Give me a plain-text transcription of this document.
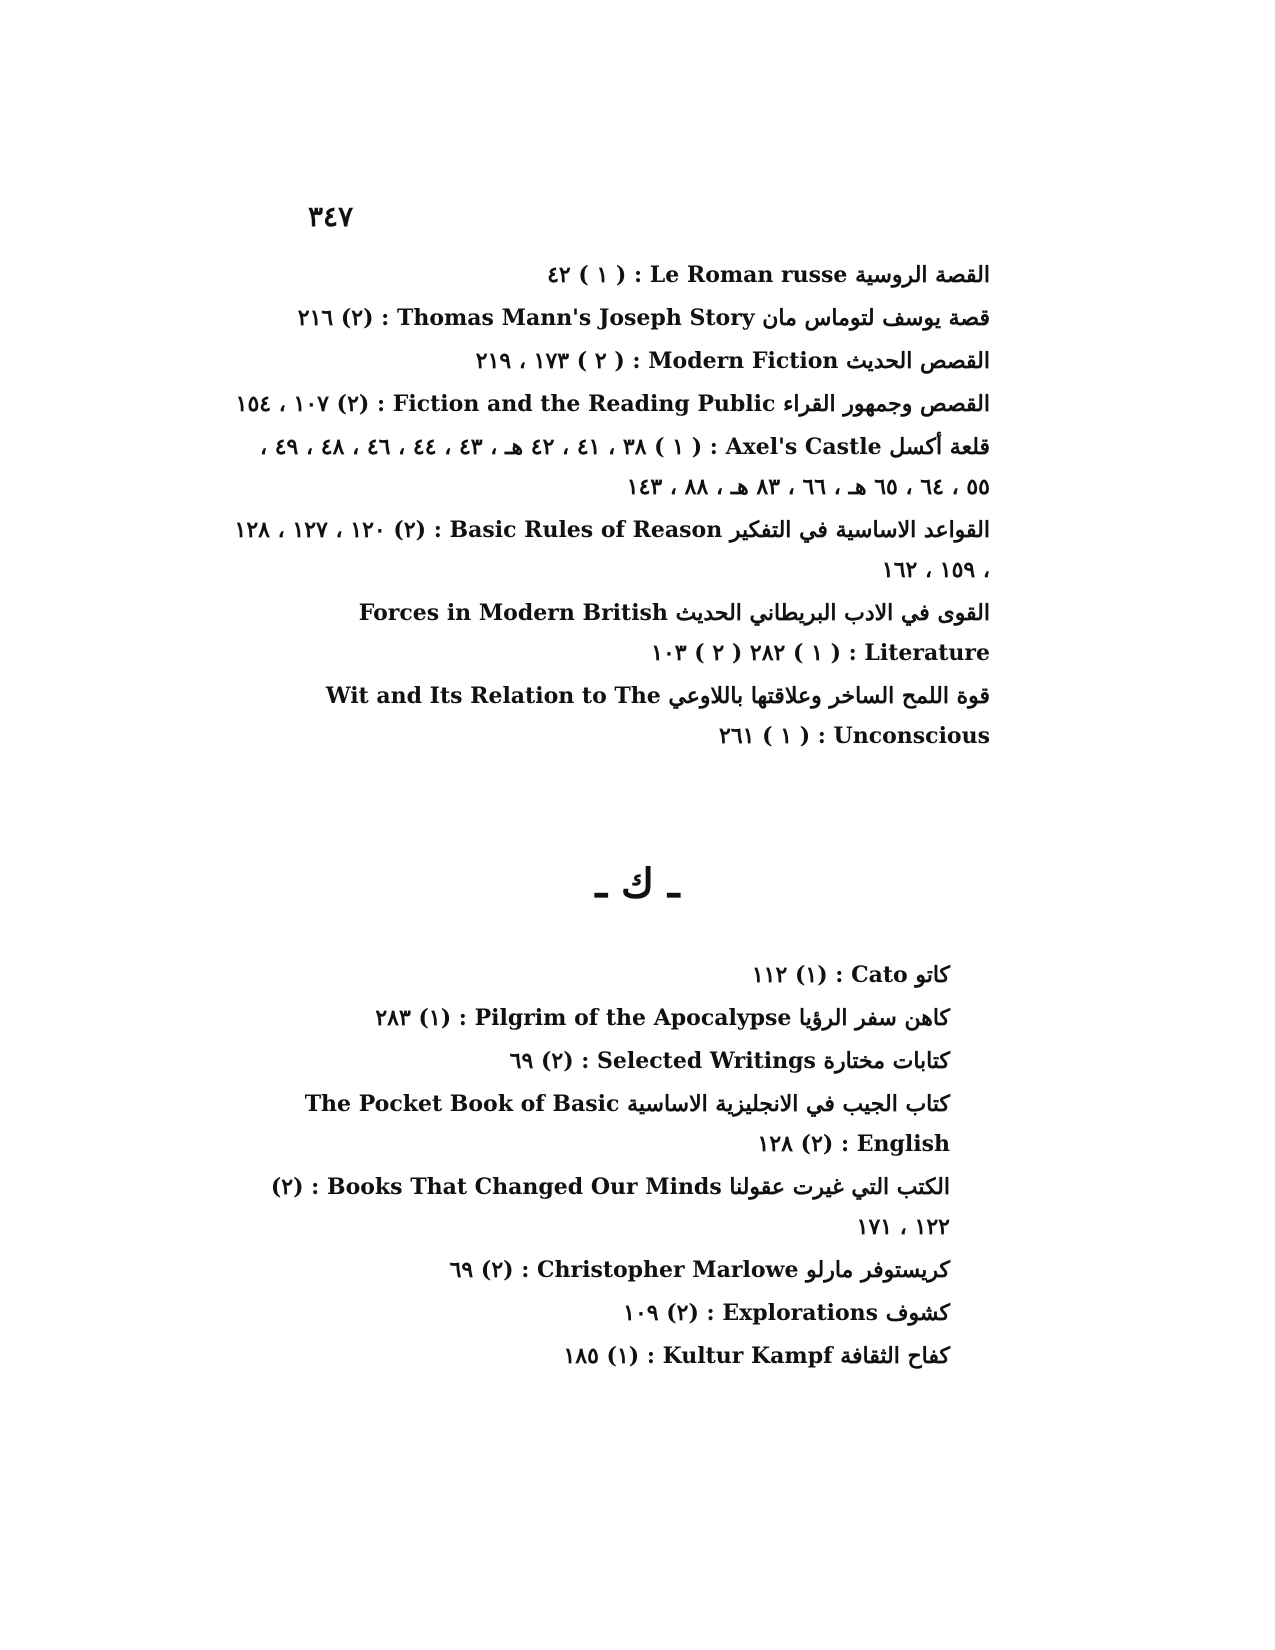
٣٤٧

القصة الروسية Le Roman russe : ( ١ ) ٤٢

قصة يوسف لتوماس مان Thomas Mann's Joseph Story : (٢) ٢١٦

القصص الحديث Modern Fiction : ( ٢ ) ١٧٣ ، ٢١٩

القصص وجمهور القراء Fiction and the Reading Public : (٢) ١٠٧ ، ١٥٤

قلعة أكسل Axel's Castle : ( ١ ) ٣٨ ، ٤١ ، ٤٢ هـ ، ٤٣ ، ٤٤ ، ٤٦ ، ٤٨ ، ٤٩ ، ٥٥ ، ٦٤ ، ٦٥ هـ ، ٦٦ ، ٨٣ هـ ، ٨٨ ، ١٤٣

القواعد الاساسية في التفكير Basic Rules of Reason : (٢) ١٢٠ ، ١٢٧ ، ١٢٨ ، ١٥٩ ، ١٦٢

القوى في الادب البريطاني الحديث Forces in Modern British Literature : ( ١ ) ٢٨٢ ( ٢ ) ١٠٣

قوة اللمح الساخر وعلاقتها باللاوعي Wit and Its Relation to The Unconscious : ( ١ ) ٢٦١

ـ ك ـ

كاتو Cato : (١) ١١٢

كاهن سفر الرؤيا Pilgrim of the Apocalypse : (١) ٢٨٣

كتابات مختارة Selected Writings : (٢) ٦٩

كتاب الجيب في الانجليزية الاساسية The Pocket Book of Basic English : (٢) ١٢٨

الكتب التي غيرت عقولنا Books That Changed Our Minds : (٢) ١٢٢ ، ١٧١

كريستوفر مارلو Christopher Marlowe : (٢) ٦٩

كشوف Explorations : (٢) ١٠٩

كفاح الثقافة Kultur Kampf : (١) ١٨٥
